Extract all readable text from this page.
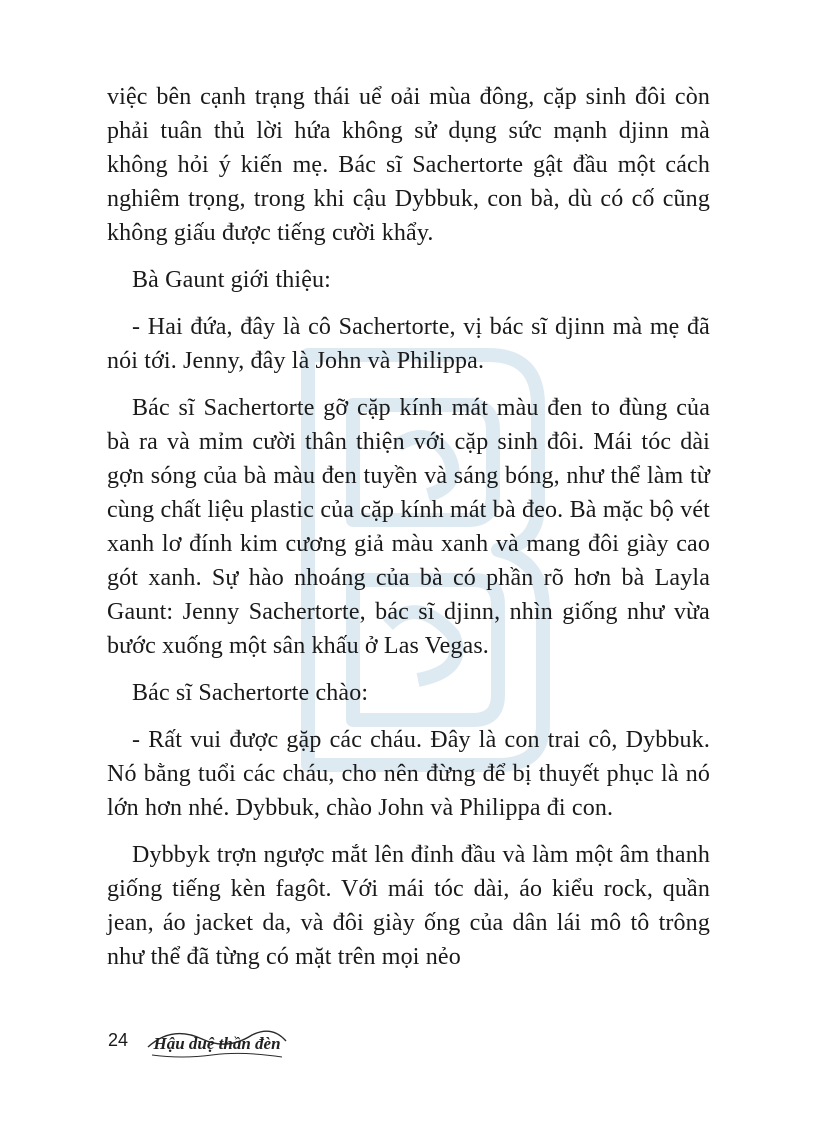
việc bên cạnh trạng thái uể oải mùa đông, cặp sinh đôi còn phải tuân thủ lời hứa không sử dụng sức mạnh djinn mà không hỏi ý kiến mẹ. Bác sĩ Sachertorte gật đầu một cách nghiêm trọng, trong khi cậu Dybbuk, con bà, dù có cố cũng không giấu được tiếng cười khẩy.

Bà Gaunt giới thiệu:

- Hai đứa, đây là cô Sachertorte, vị bác sĩ djinn mà mẹ đã nói tới. Jenny, đây là John và Philippa.

Bác sĩ Sachertorte gỡ cặp kính mát màu đen to đùng của bà ra và mỉm cười thân thiện với cặp sinh đôi. Mái tóc dài gợn sóng của bà màu đen tuyền và sáng bóng, như thể làm từ cùng chất liệu plastic của cặp kính mát bà đeo. Bà mặc bộ vét xanh lơ đính kim cương giả màu xanh và mang đôi giày cao gót xanh. Sự hào nhoáng của bà có phần rõ hơn bà Layla Gaunt: Jenny Sachertorte, bác sĩ djinn, nhìn giống như vừa bước xuống một sân khấu ở Las Vegas.

Bác sĩ Sachertorte chào:

- Rất vui được gặp các cháu. Đây là con trai cô, Dybbuk. Nó bằng tuổi các cháu, cho nên đừng để bị thuyết phục là nó lớn hơn nhé. Dybbuk, chào John và Philippa đi con.

Dybbyk trợn ngược mắt lên đỉnh đầu và làm một âm thanh giống tiếng kèn fagôt. Với mái tóc dài, áo kiểu rock, quần jean, áo jacket da, và đôi giày ống của dân lái mô tô trông như thể đã từng có mặt trên mọi nẻo

24 Hậu duệ thần đèn
